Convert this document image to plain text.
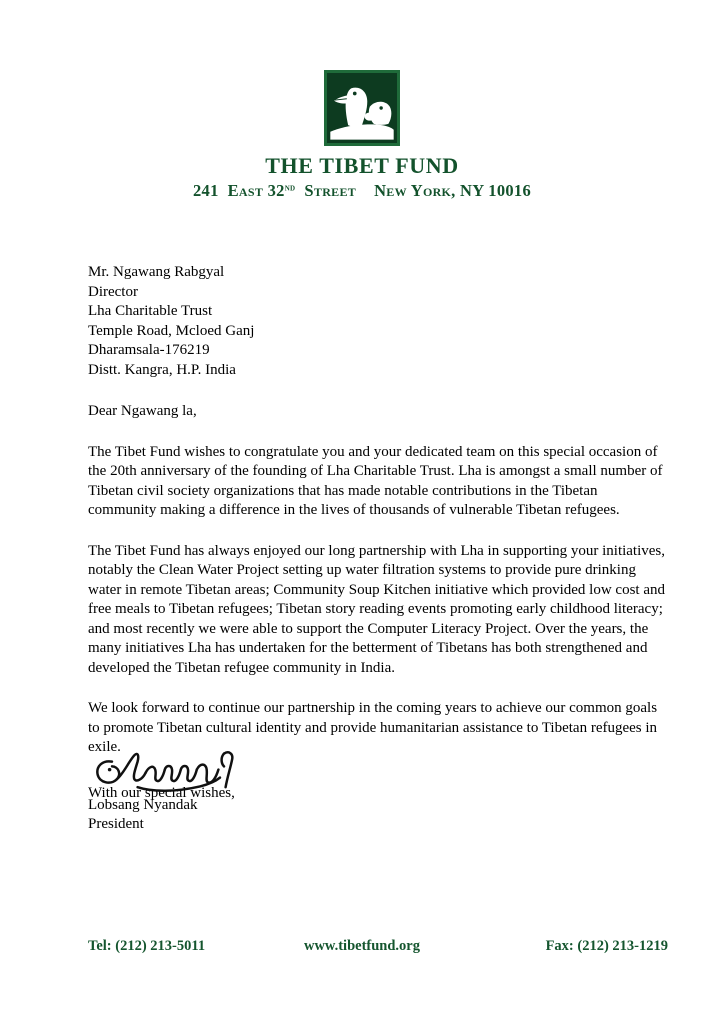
THE TIBET FUND
241 East 32nd Street New York, NY 10016
Mr. Ngawang Rabgyal
Director
Lha Charitable Trust
Temple Road, Mcloed Ganj
Dharamsala-176219
Distt. Kangra, H.P. India

Dear Ngawang la,

The Tibet Fund wishes to congratulate you and your dedicated team on this special occasion of the 20th anniversary of the founding of Lha Charitable Trust. Lha is amongst a small number of Tibetan civil society organizations that has made notable contributions in the Tibetan community making a difference in the lives of thousands of vulnerable Tibetan refugees.

The Tibet Fund has always enjoyed our long partnership with Lha in supporting your initiatives, notably the Clean Water Project setting up water filtration systems to provide pure drinking water in remote Tibetan areas; Community Soup Kitchen initiative which provided low cost and free meals to Tibetan refugees; Tibetan story reading events promoting early childhood literacy; and most recently we were able to support the Computer Literacy Project. Over the years, the many initiatives Lha has undertaken for the betterment of Tibetans has both strengthened and developed the Tibetan refugee community in India.

We look forward to continue our partnership in the coming years to achieve our common goals to promote Tibetan cultural identity and provide humanitarian assistance to Tibetan refugees in exile.

With our special wishes,

Lobsang Nyandak
President
Tel: (212) 213-5011	www.tibetfund.org	Fax: (212) 213-1219
